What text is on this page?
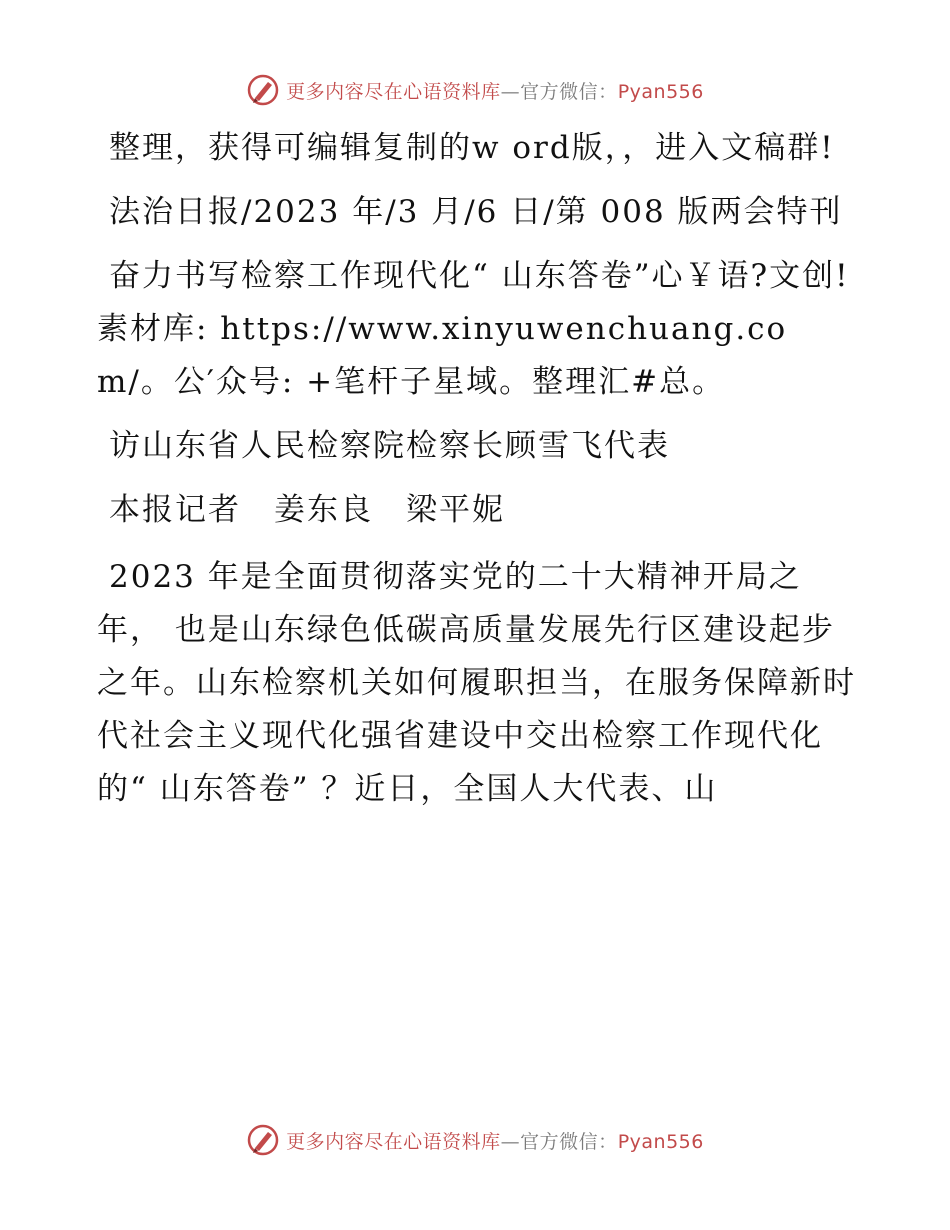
更多内容尽在心语资料库—官方微信：Pyan556

整理，获得可编辑复制的w ord版，，进入文稿群!

法治日报/2023 年/3 月/6 日/第 008 版两会特刊

奋力书写检察工作现代化“ 山东答卷”心￥语?文创! 素材库: https://www.xinyuwenchuang.com/。公′众号: +笔杆子星域。整理汇#总。

访山东省人民检察院检察长顾雪飞代表

本报记者　姜东良　梁平妮

2023 年是全面贯彻落实党的二十大精神开局之年， 也是山东绿色低碳高质量发展先行区建设起步之年。山东检察机关如何履职担当，在服务保障新时代社会主义现代化强省建设中交出检察工作现代化的“ 山东答卷” ？近日，全国人大代表、山

更多内容尽在心语资料库—官方微信：Pyan556
